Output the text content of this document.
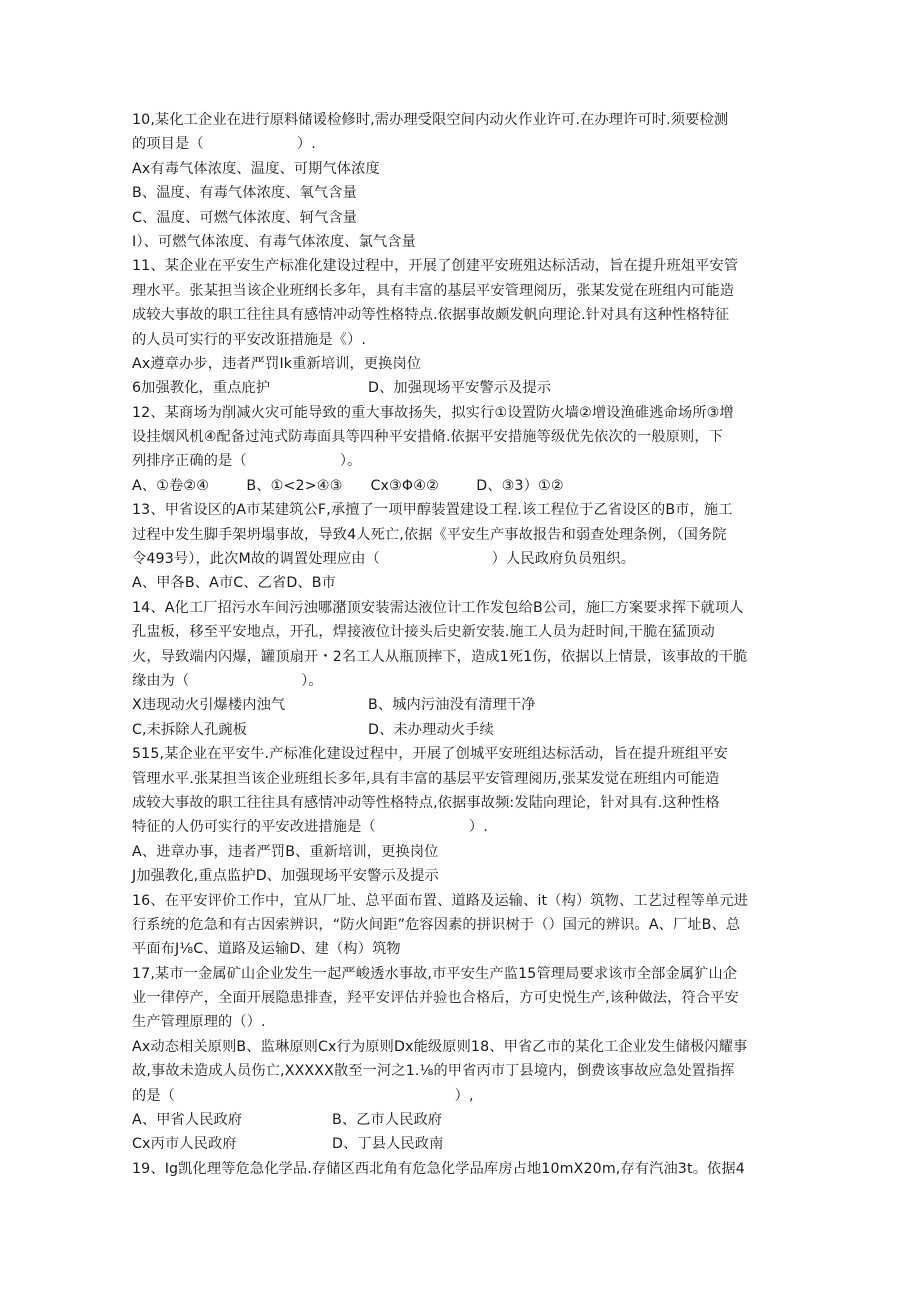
10,某化工企业在进行原料储谖检修时,需办理受限空间内动火作业许可.在办理许可时.须要检测
的项目是（                    ）.
Ax有毒气体浓度、温度、可期气体浓度
B、温度、有毒气体浓度、氧气含量
C、温度、可燃气体浓度、轲气含量
I）、可燃气体浓度、有毒气体浓度、氯气含量
11、某企业在平安生产标准化建设过程中，开展了创建平安班殂达标活动，旨在提升班俎平安管
理水平。张某担当该企业班纲长多年，具有丰富的基层平安管理阅历，张某发觉在班组内可能造
成较大事故的职工往往具有感情冲动等性格特点.依据事故颇发帆向理论.针对具有这种性格特征
的人员可实行的平安改诳措施是《）.
Ax遵章办步，违者严罚Ik重新培训，更换岗位
6加强教化，重点庇护	D、加强现场平安警示及提示
12、某商场为削减火灾可能导致的重大事故扬失，拟实行①设置防火墙②增设渔碓逃命场所③增
设挂烟风机④配备过沌式防毒面具等四种平安措脩.依据平安措施等级优先依次的一般原则，下
列排序正确的是（                    ）。
A、①卷②④        B、①<2>④③      Cx③Φ④②        D、③3）①②
13、甲省设区的A市某建筑公F,承擅了一项甲醇装置建设工程.该工程位于乙省设区的B市，施工
过程中发生脚手架坍塌事故，导致4人死亡,依据《平安生产事故报告和弱查处理条例，（国务院
令493号），此次M故的调置处理应由（                        ）人民政府负员殂织。
A、甲各B、A市C、乙省D、B市
14、A化工厂招污水车间污浊哪潴顶安装需达液位计工作发包给B公司，施匚方案要求挥下就项人
孔盅板，移至平安地点，开孔，焊接液位计接头后史新安装.施工人员为赶时间,干脆在猛顶动
火，导致端内闪爆，罐顶扇开・2名工人从瓶顶摔下，造成1死1伤，依据以上情景，该事故的干脆
缘由为（                        ）。
X违现动火引爆楼内浊气	B、城内污油没有清理干净
C,未拆除人孔豌板	D、未办理动火手续
515,某企业在平安牛.产标准化建设过程中，开展了创城平安班组达标活动，旨在提升班组平安
管理水平.张某担当该企业班组长多年,具有丰富的基层平安管理阅历,张某发觉在班组内可能造
成较大事故的职工往往具有感情冲动等性格特点,依据事故频:发陆向理论，针对具有.这种性格
特征的人仍可实行的平安改进措施是（                    ）.
A、进章办事，违者严罚B、重新培训，更换岗位
J加强教化,重点监护D、加强现场平安警示及提示
16、在平安评价工作中，宜从厂址、总平面布置、道路及运输、it（构）筑物、工艺过程等单元进
行系统的危急和有古因索辨识，“防火间距”危容因素的拼识树于（）国元的辨识。A、厂址B、总
平面布J⅛C、道路及运输D、建（构）筑物
17,某市一金属矿山企业发生一起严峻透水事故,市平安生产监15管理局要求该市全部金属犷山企
业一律停产，全面开展隐患排查，羟平安评估并验也合格后，方可史悦生产,该种做法，符合平安
生产管理原理的（）.
Ax动态相关原则B、监琳原则Cx行为原则Dx能级原则18、甲省乙市的某化工企业发生储极闪耀事
故,事故未造成人员伤亡,XXXXX散至一河之1.⅛的甲省丙市丁县境内，倒费该事故应急处置指挥
的是（                                                            ）,
A、甲省人民政府	B、乙市人民政府
Cx丙市人民政府	D、丁县人民政南
19、Ig凯化理等危急化学品.存储区西北角有危急化学品库房占地10mX20m,存有汽油3t。依据4
